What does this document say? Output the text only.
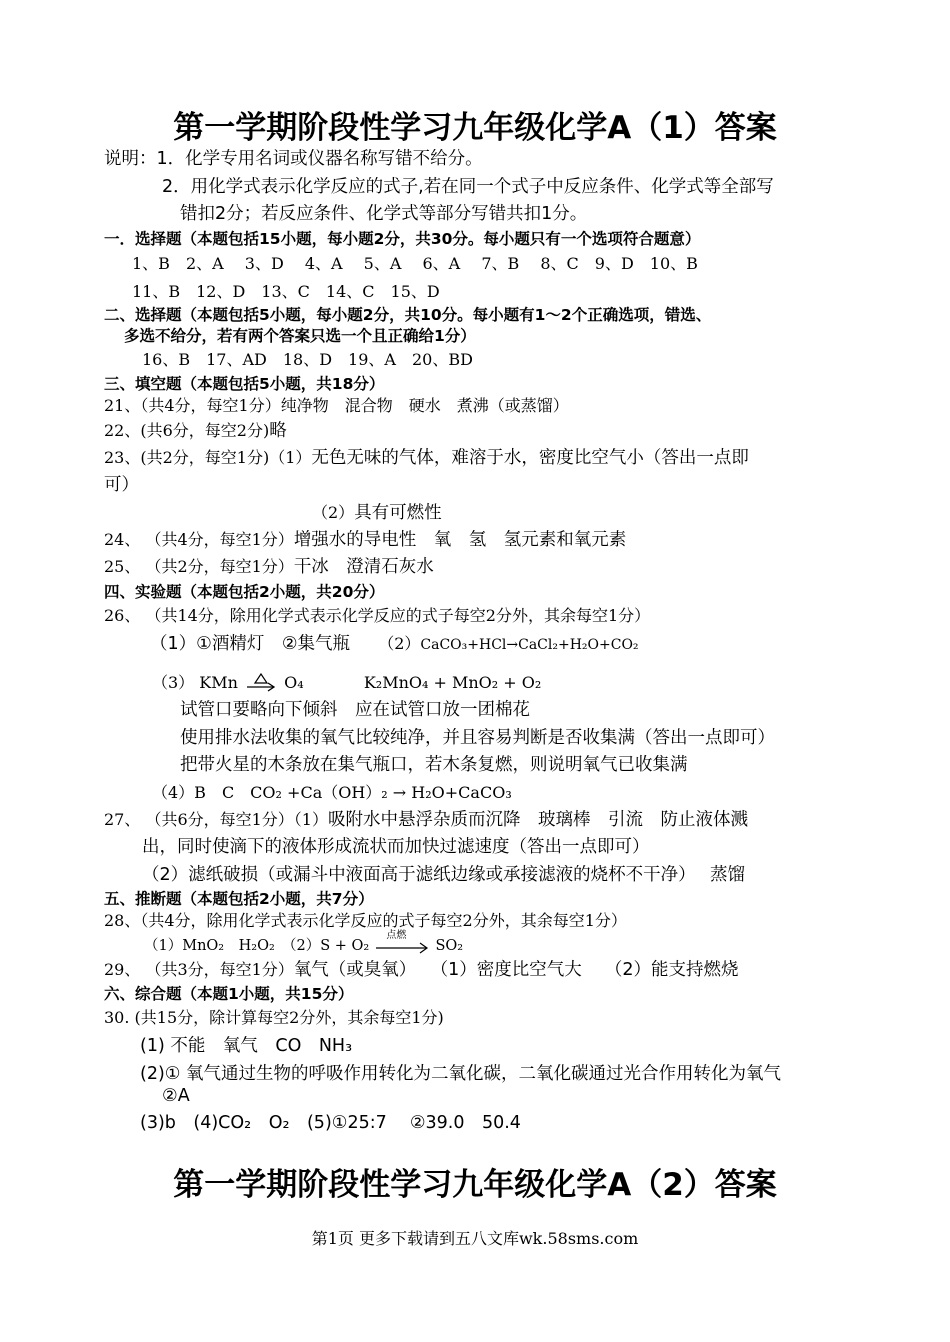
第一学期阶段性学习九年级化学A（1）答案
说明：1．化学专用名词或仪器名称写错不给分。
2．用化学式表示化学反应的式子,若在同一个式子中反应条件、化学式等全部写
错扣2分；若反应条件、化学式等部分写错共扣1分。
一．选择题（本题包括15小题，每小题2分，共30分。每小题只有一个选项符合题意）
1、B　2、A　 3、D　 4、A　 5、A　 6、A　 7、B　 8、C　9、D　10、B
11、B　12、D　13、C　14、C　15、D
二、选择题（本题包括5小题，每小题2分，共10分。每小题有1～2个正确选项，错选、
多选不给分，若有两个答案只选一个且正确给1分）
16、B　17、AD　18、D　19、A　20、BD
三、填空题（本题包括5小题，共18分）
21、（共4分，每空1分）纯净物　混合物　硬水　煮沸（或蒸馏）
22、(共6分，每空2分)略
23、(共2分，每空1分)（1）无色无味的气体，难溶于水，密度比空气小（答出一点即
可）
（2）具有可燃性
24、 （共4分，每空1分）增强水的导电性　氧　氢　氢元素和氧元素
25、 （共2分，每空1分）干冰　澄清石灰水
四、实验题（本题包括2小题，共20分）
26、 （共14分，除用化学式表示化学反应的式子每空2分外，其余每空1分）
（1）①酒精灯　②集气瓶 （2）CaCO₃+HCl→CaCl₂+H₂O+CO₂
（3） KMn	O₄	K₂MnO₄ + MnO₂ + O₂
试管口要略向下倾斜　应在试管口放一团棉花
使用排水法收集的氧气比较纯净，并且容易判断是否收集满（答出一点即可）
把带火星的木条放在集气瓶口，若木条复燃，则说明氧气已收集满
（4）B　C　CO₂ +Ca（OH）₂ → H₂O+CaCO₃
27、 （共6分，每空1分）（1）吸附水中悬浮杂质而沉降　玻璃棒　引流　防止液体溅
出，同时使滴下的液体形成流状而加快过滤速度（答出一点即可）
（2）滤纸破损（或漏斗中液面高于滤纸边缘或承接滤液的烧杯不干净）　 蒸馏
五、推断题（本题包括2小题，共7分）
28、（共4分，除用化学式表示化学反应的式子每空2分外，其余每空1分）
（1）MnO₂　H₂O₂　（2）S + O₂
点燃
SO₂
29、 （共3分，每空1分）氧气（或臭氧）　 （1）密度比空气大　 （2）能支持燃烧
六、综合题（本题1小题，共15分）
30. (共15分，除计算每空2分外，其余每空1分)
(1) 不能　氧气　CO　NH₃
(2)① 氧气通过生物的呼吸作用转化为二氧化碳，二氧化碳通过光合作用转化为氧气
②A
(3)b　(4)CO₂　O₂　(5)①25:7　 ②39.0　50.4
第一学期阶段性学习九年级化学A（2）答案
第1页 更多下载请到五八文库wk.58sms.com
